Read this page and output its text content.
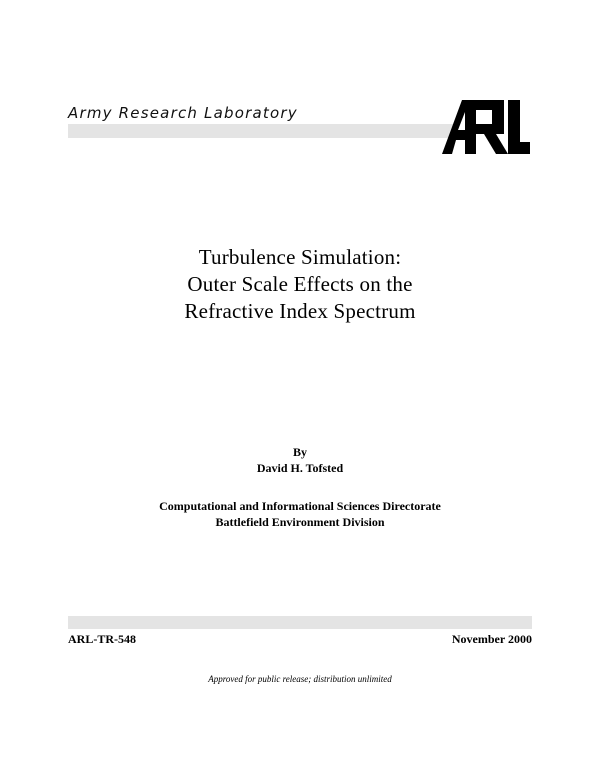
Army Research Laboratory
Turbulence Simulation:
Outer Scale Effects on the
Refractive Index Spectrum
By
David H. Tofsted
Computational and Informational Sciences Directorate
Battlefield Environment Division
ARL-TR-548	November 2000
Approved for public release; distribution unlimited
